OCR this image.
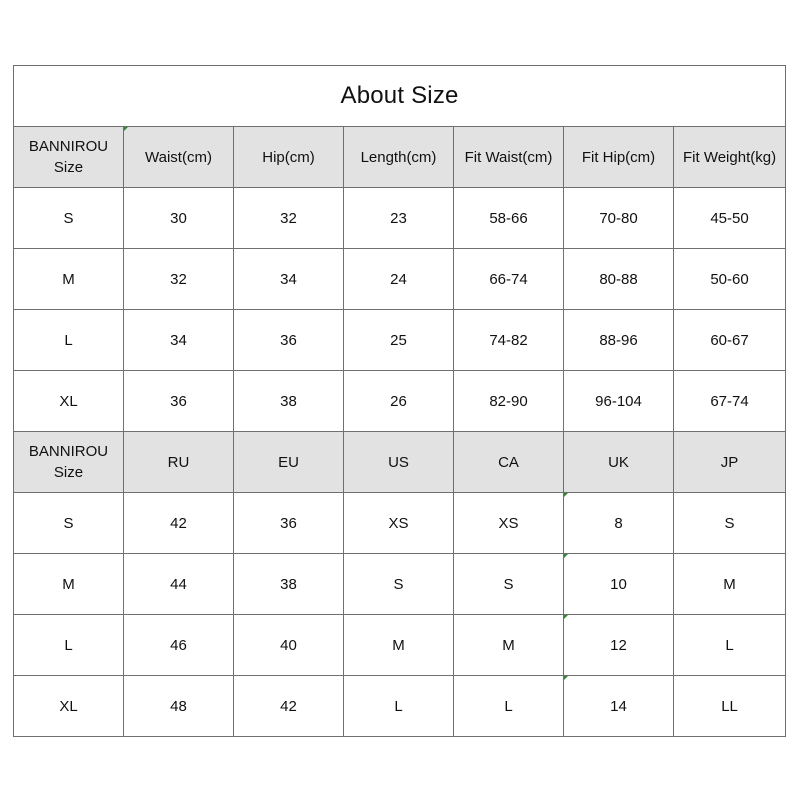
About Size						

BANNIROU
Size	Waist(cm)	Hip(cm)	Length(cm)	Fit Waist(cm)	Fit Hip(cm)	Fit Weight(kg)
S	30	32	23	58-66	70-80	45-50
M	32	34	24	66-74	80-88	50-60
L	34	36	25	74-82	88-96	60-67
XL	36	38	26	82-90	96-104	67-74

BANNIROU
Size	RU	EU	US	CA	UK	JP
S	42	36	XS	XS	8	S
M	44	38	S	S	10	M
L	46	40	M	M	12	L
XL	48	42	L	L	14	LL
